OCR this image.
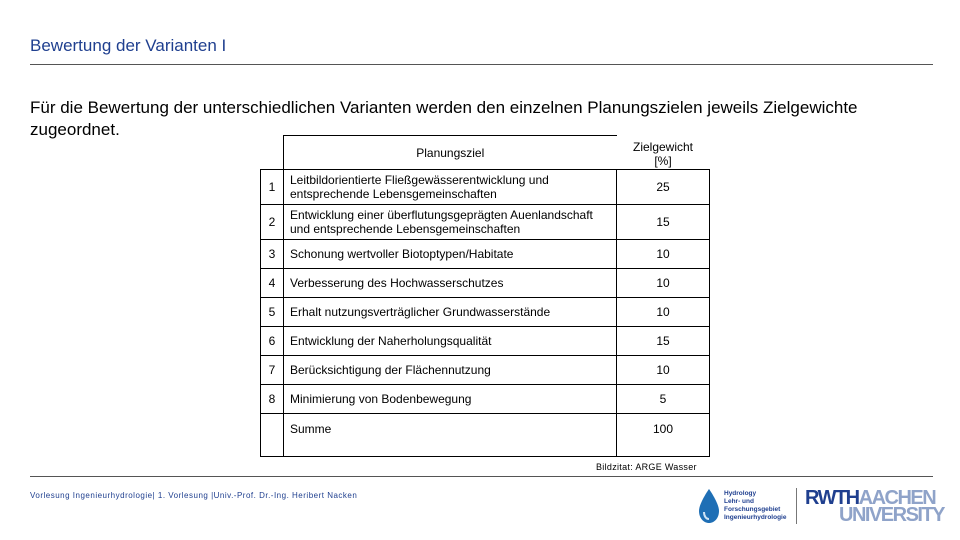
Bewertung der Varianten I
Für die Bewertung der unterschiedlichen Varianten werden den einzelnen Planungszielen jeweils Zielgewichte zugeordnet.
	Planungsziel	Zielgewicht
[%]

1	Leitbildorientierte Fließgewässerentwicklung und entsprechende Lebensgemeinschaften	25
2	Entwicklung einer überflutungsgeprägten Auenlandschaft und entsprechende Lebensgemeinschaften	15
3	Schonung wertvoller Biotoptypen/Habitate	10
4	Verbesserung des Hochwasserschutzes	10
5	Erhalt nutzungsverträglicher Grundwasserstände	10
6	Entwicklung der Naherholungsqualität	15
7	Berücksichtigung der Flächennutzung	10
8	Minimierung von Bodenbewegung	5
	Summe	100
Bildzitat: ARGE Wasser
Vorlesung Ingenieurhydrologie| 1. Vorlesung |Univ.-Prof. Dr.-Ing. Heribert Nacken	Hydrology
Lehr- und
Forschungsgebiet
Ingenieurhydrologie
RWTHAACHEN
UNIVERSITY
